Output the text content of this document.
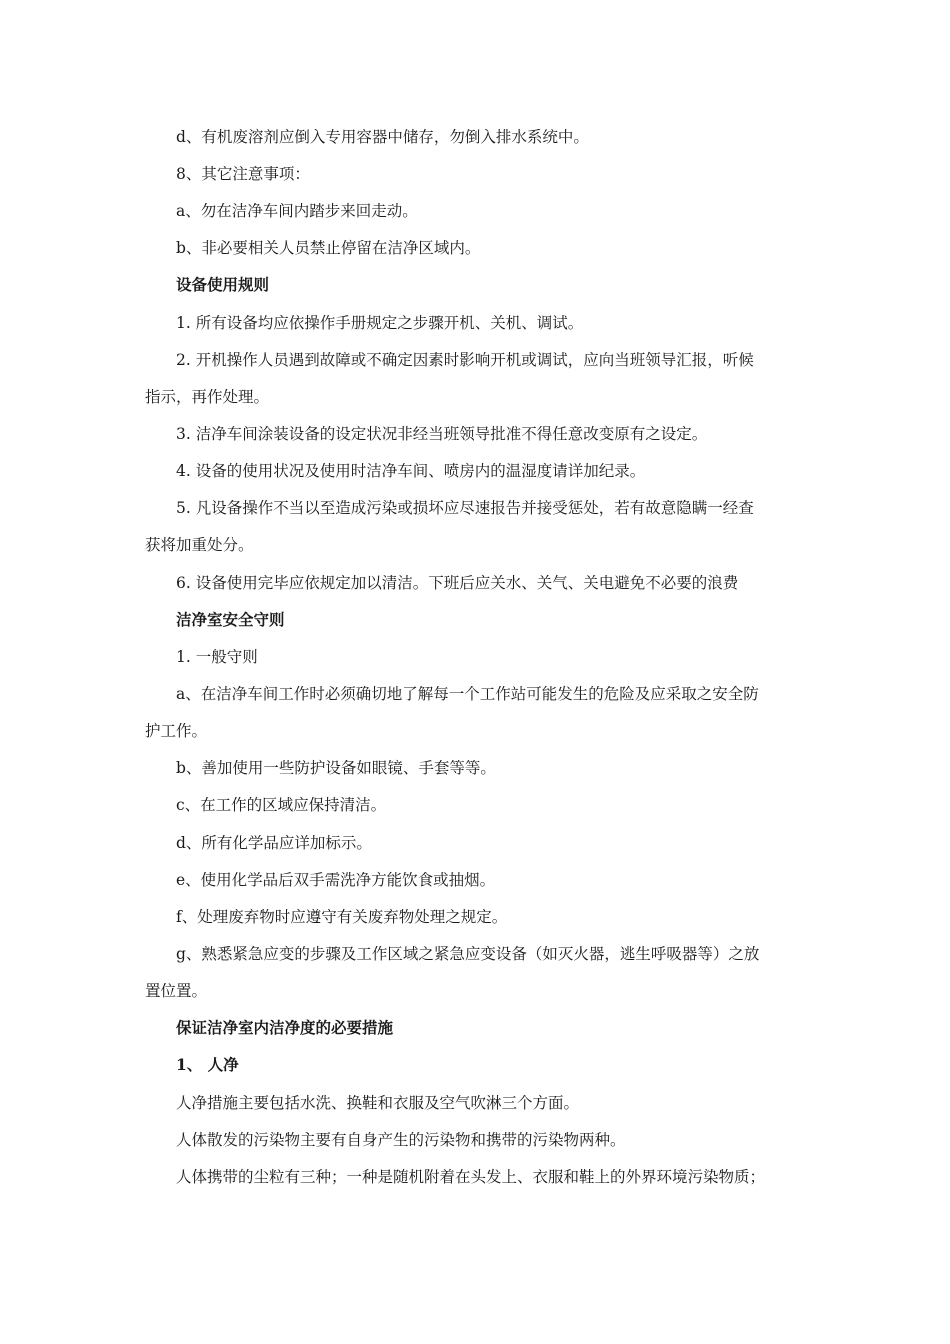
d、有机废溶剂应倒入专用容器中储存，勿倒入排水系统中。
8、其它注意事项：
a、勿在洁净车间内踏步来回走动。
b、非必要相关人员禁止停留在洁净区域内。
设备使用规则
1. 所有设备均应依操作手册规定之步骤开机、关机、调试。
2. 开机操作人员遇到故障或不确定因素时影响开机或调试，应向当班领导汇报，听候
指示，再作处理。
3. 洁净车间涂装设备的设定状况非经当班领导批准不得任意改变原有之设定。
4. 设备的使用状况及使用时洁净车间、喷房内的温湿度请详加纪录。
5. 凡设备操作不当以至造成污染或损坏应尽速报告并接受惩处，若有故意隐瞒一经查
获将加重处分。
6. 设备使用完毕应依规定加以清洁。下班后应关水、关气、关电避免不必要的浪费
洁净室安全守则
1. 一般守则
a、在洁净车间工作时必须确切地了解每一个工作站可能发生的危险及应采取之安全防
护工作。
b、善加使用一些防护设备如眼镜、手套等等。
c、在工作的区域应保持清洁。
d、所有化学品应详加标示。
e、使用化学品后双手需洗净方能饮食或抽烟。
f、处理废弃物时应遵守有关废弃物处理之规定。
g、熟悉紧急应变的步骤及工作区域之紧急应变设备（如灭火器，逃生呼吸器等）之放
置位置。
保证洁净室内洁净度的必要措施
1、 人净
人净措施主要包括水洗、换鞋和衣服及空气吹淋三个方面。
人体散发的污染物主要有自身产生的污染物和携带的污染物两种。
人体携带的尘粒有三种；一种是随机附着在头发上、衣服和鞋上的外界环境污染物质；
